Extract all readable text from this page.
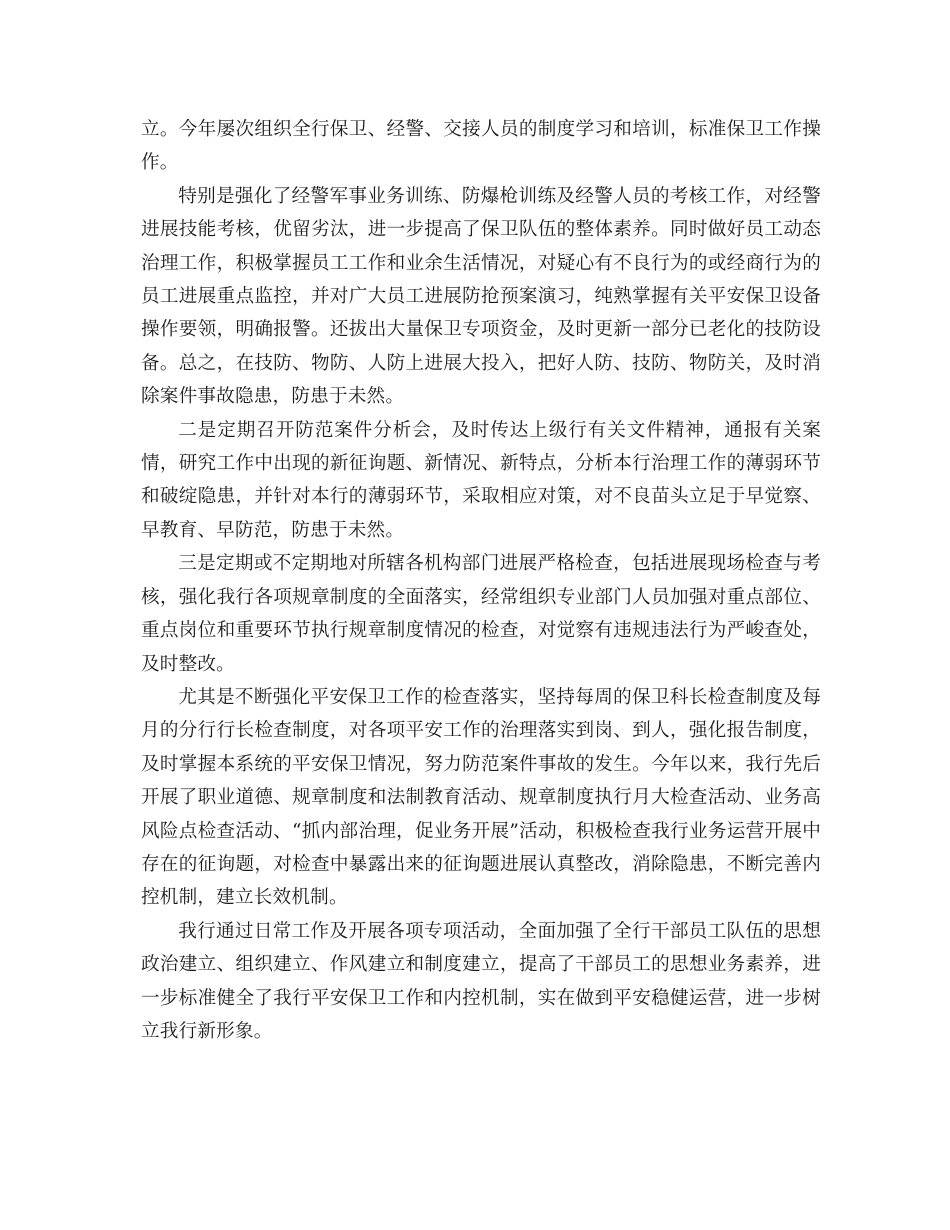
立。今年屡次组织全行保卫、经警、交接人员的制度学习和培训，标准保卫工作操作。

特别是强化了经警军事业务训练、防爆枪训练及经警人员的考核工作，对经警进展技能考核，优留劣汰，进一步提高了保卫队伍的整体素养。同时做好员工动态治理工作，积极掌握员工工作和业余生活情况，对疑心有不良行为的或经商行为的员工进展重点监控，并对广大员工进展防抢预案演习，纯熟掌握有关平安保卫设备操作要领，明确报警。还拔出大量保卫专项资金，及时更新一部分已老化的技防设备。总之，在技防、物防、人防上进展大投入，把好人防、技防、物防关，及时消除案件事故隐患，防患于未然。

二是定期召开防范案件分析会，及时传达上级行有关文件精神，通报有关案情，研究工作中出现的新征询题、新情况、新特点，分析本行治理工作的薄弱环节和破绽隐患，并针对本行的薄弱环节，采取相应对策，对不良苗头立足于早觉察、早教育、早防范，防患于未然。

三是定期或不定期地对所辖各机构部门进展严格检查，包括进展现场检查与考核，强化我行各项规章制度的全面落实，经常组织专业部门人员加强对重点部位、重点岗位和重要环节执行规章制度情况的检查，对觉察有违规违法行为严峻查处，及时整改。

尤其是不断强化平安保卫工作的检查落实，坚持每周的保卫科长检查制度及每月的分行行长检查制度，对各项平安工作的治理落实到岗、到人，强化报告制度，及时掌握本系统的平安保卫情况，努力防范案件事故的发生。今年以来，我行先后开展了职业道德、规章制度和法制教育活动、规章制度执行月大检查活动、业务高风险点检查活动、“抓内部治理，促业务开展”活动，积极检查我行业务运营开展中存在的征询题，对检查中暴露出来的征询题进展认真整改，消除隐患，不断完善内控机制，建立长效机制。

我行通过日常工作及开展各项专项活动，全面加强了全行干部员工队伍的思想政治建立、组织建立、作风建立和制度建立，提高了干部员工的思想业务素养，进一步标准健全了我行平安保卫工作和内控机制，实在做到平安稳健运营，进一步树立我行新形象。
